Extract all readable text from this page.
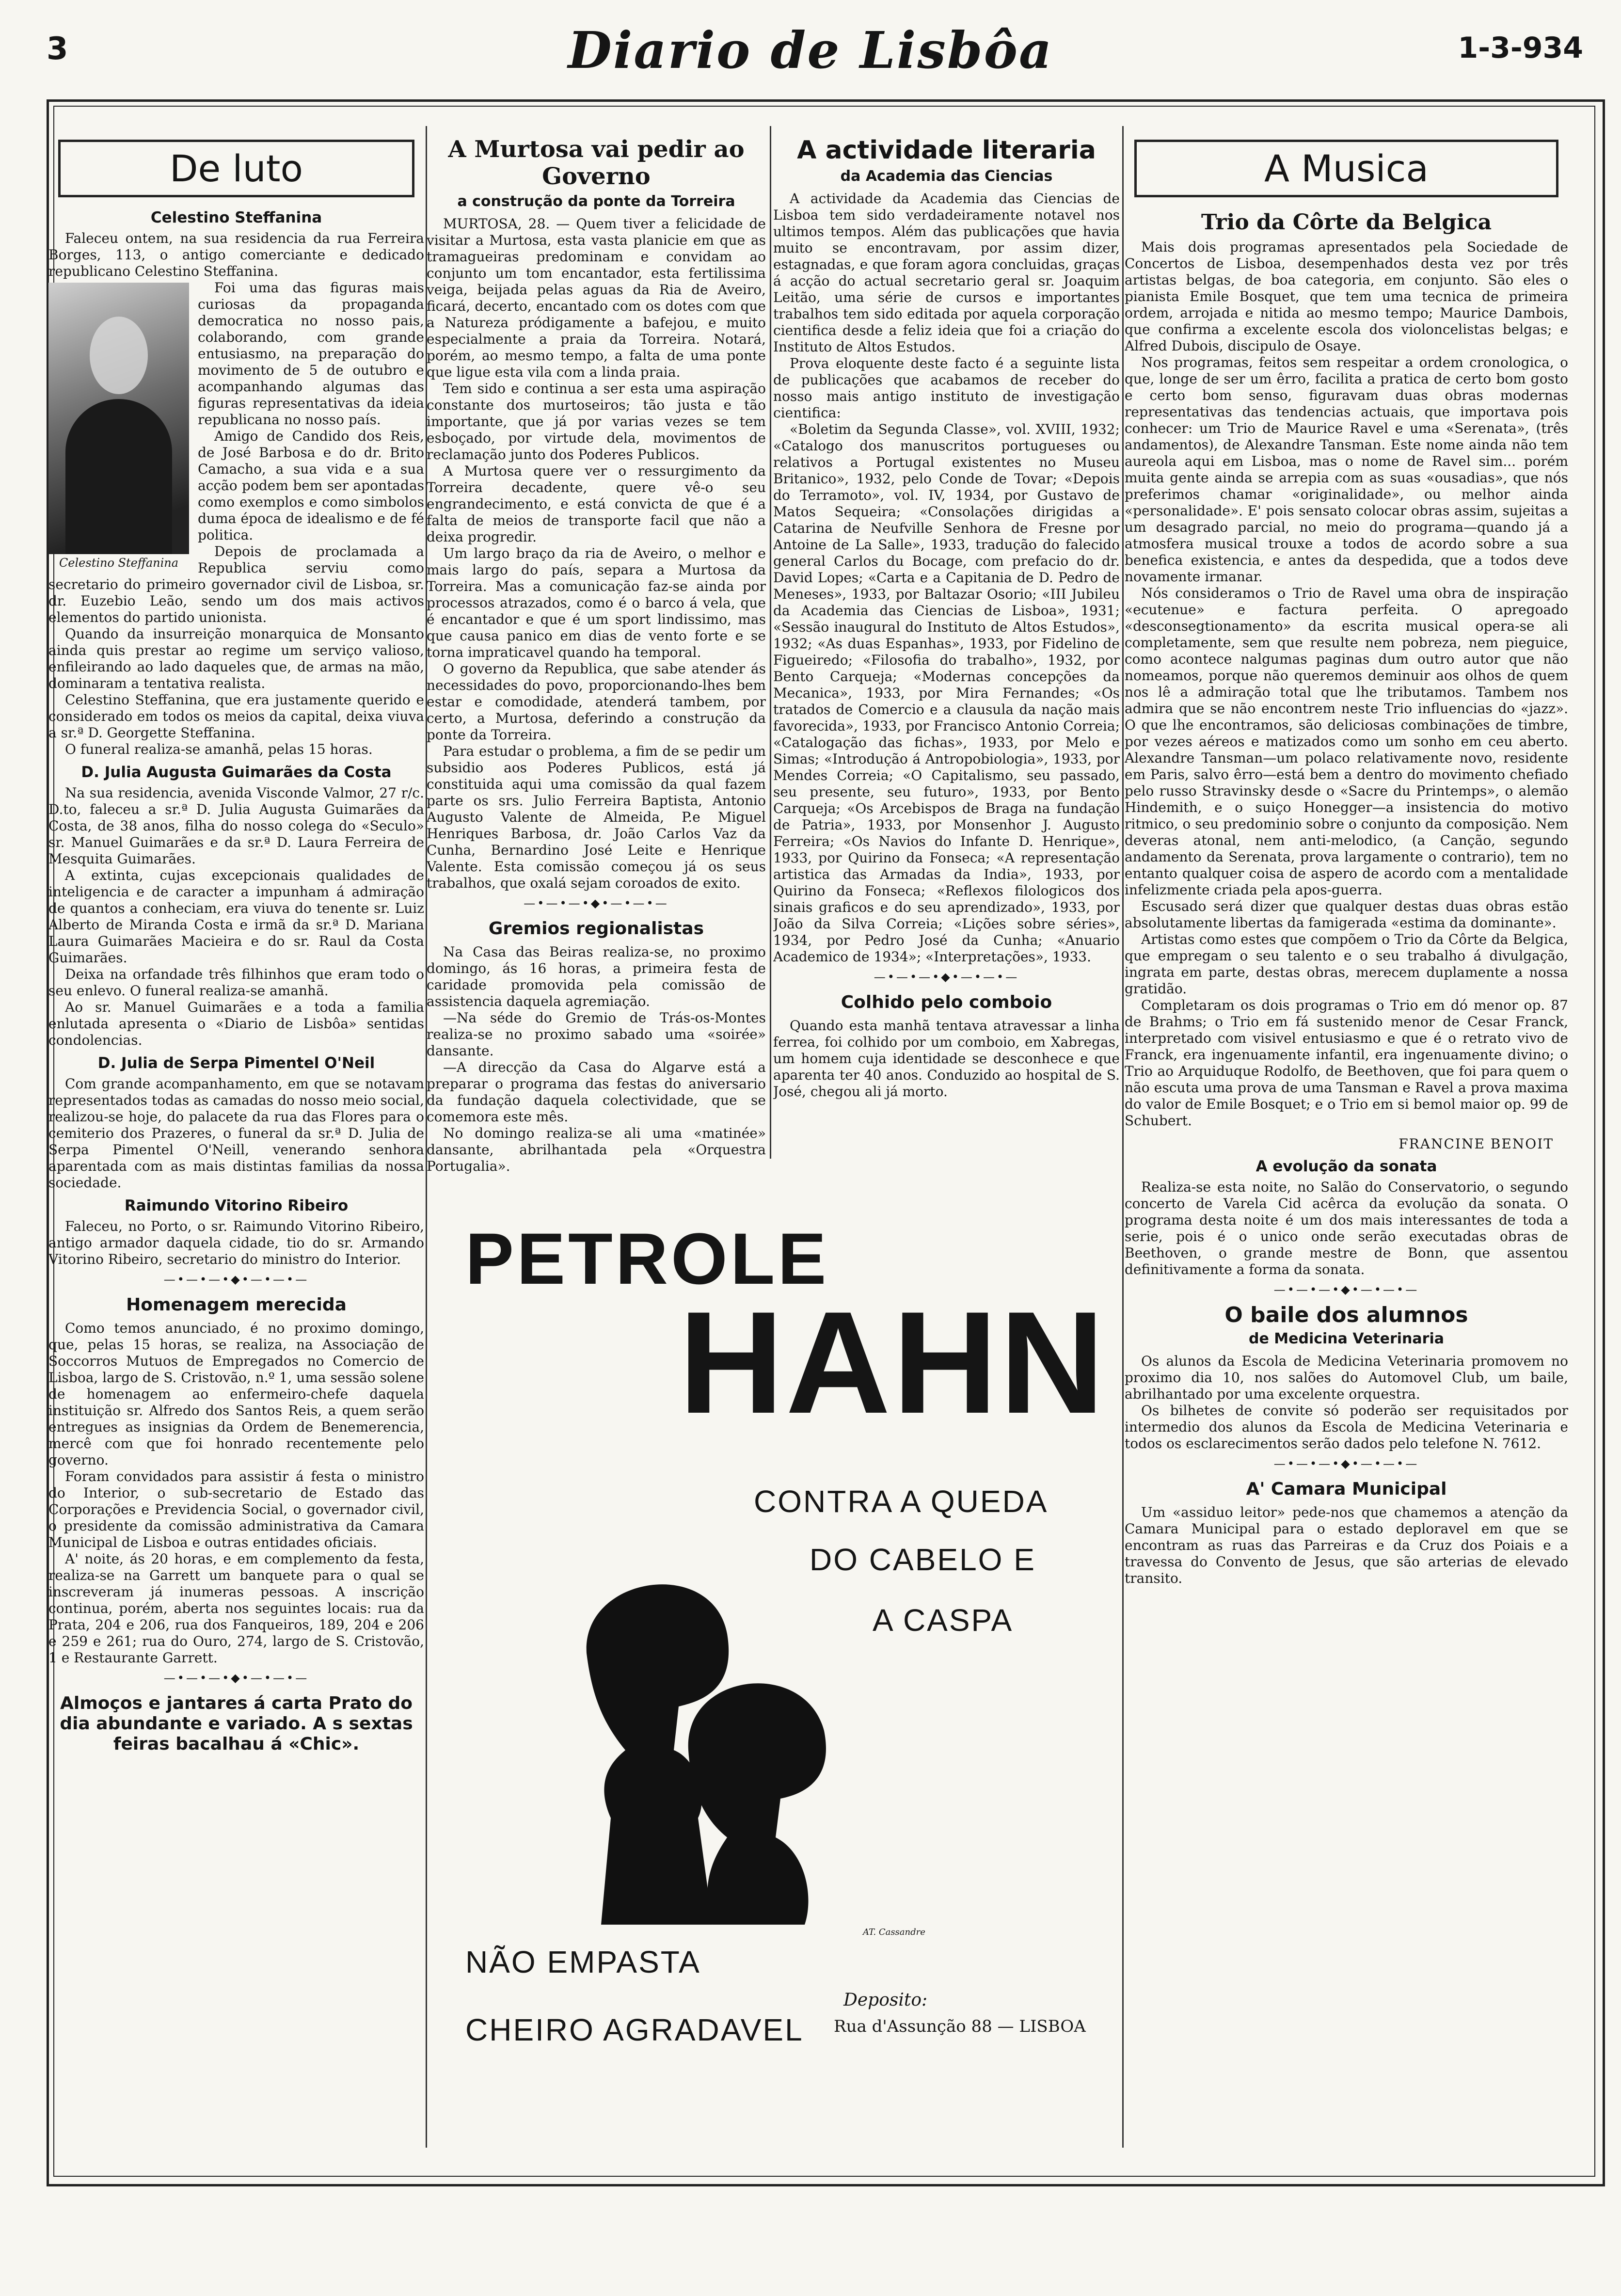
3	Diario de Lisbôa	1-3-934
De luto
Celestino Steffanina

Faleceu ontem, na sua residencia da rua Ferreira Borges, 113, o antigo comerciante e dedicado republicano Celestino Steffanina.

Celestino Steffanina

Foi uma das figuras mais curiosas da propaganda democratica no nosso pais, colaborando, com grande entusiasmo, na preparação do movimento de 5 de outubro e acompanhando algumas das figuras representativas da ideia republicana no nosso país.

Amigo de Candido dos Reis, de José Barbosa e do dr. Brito Camacho, a sua vida e a sua acção podem bem ser apontadas como exemplos e como simbolos duma época de idealismo e de fé politica.

Depois de proclamada a Republica serviu como secretario do primeiro governador civil de Lisboa, sr. dr. Euzebio Leão, sendo um dos mais activos elementos do partido unionista.

Quando da insurreição monarquica de Monsanto ainda quis prestar ao regime um serviço valioso, enfileirando ao lado daqueles que, de armas na mão, dominaram a tentativa realista.

Celestino Steffanina, que era justamente querido e considerado em todos os meios da capital, deixa viuva a sr.ª D. Georgette Steffanina.

O funeral realiza-se amanhã, pelas 15 horas.

D. Julia Augusta Guimarães da Costa

Na sua residencia, avenida Visconde Valmor, 27 r/c. D.to, faleceu a sr.ª D. Julia Augusta Guimarães da Costa, de 38 anos, filha do nosso colega do «Seculo» sr. Manuel Guimarães e da sr.ª D. Laura Ferreira de Mesquita Guimarães.

A extinta, cujas excepcionais qualidades de inteligencia e de caracter a impunham á admiração de quantos a conheciam, era viuva do tenente sr. Luiz Alberto de Miranda Costa e irmã da sr.ª D. Mariana Laura Guimarães Macieira e do sr. Raul da Costa Guimarães.

Deixa na orfandade três filhinhos que eram todo o seu enlevo. O funeral realiza-se amanhã.

Ao sr. Manuel Guimarães e a toda a familia enlutada apresenta o «Diario de Lisbôa» sentidas condolencias.

D. Julia de Serpa Pimentel O'Neil

Com grande acompanhamento, em que se notavam representados todas as camadas do nosso meio social, realizou-se hoje, do palacete da rua das Flores para o cemiterio dos Prazeres, o funeral da sr.ª D. Julia de Serpa Pimentel O'Neill, venerando senhora aparentada com as mais distintas familias da nossa sociedade.

Raimundo Vitorino Ribeiro

Faleceu, no Porto, o sr. Raimundo Vitorino Ribeiro, antigo armador daquela cidade, tio do sr. Armando Vitorino Ribeiro, secretario do ministro do Interior.

—•—•—•◆•—•—•—
Homenagem merecida

Como temos anunciado, é no proximo domingo, que, pelas 15 horas, se realiza, na Associação de Soccorros Mutuos de Empregados no Comercio de Lisboa, largo de S. Cristovão, n.º 1, uma sessão solene de homenagem ao enfermeiro-chefe daquela instituição sr. Alfredo dos Santos Reis, a quem serão entregues as insignias da Ordem de Benemerencia, mercê com que foi honrado recentemente pelo governo.

Foram convidados para assistir á festa o ministro do Interior, o sub-secretario de Estado das Corporações e Previdencia Social, o governador civil, o presidente da comissão administrativa da Camara Municipal de Lisboa e outras entidades oficiais.

A' noite, ás 20 horas, e em complemento da festa, realiza-se na Garrett um banquete para o qual se inscreveram já inumeras pessoas. A inscrição continua, porém, aberta nos seguintes locais: rua da Prata, 204 e 206, rua dos Fanqueiros, 189, 204 e 206 e 259 e 261; rua do Ouro, 274, largo de S. Cristovão, 1 e Restaurante Garrett.

—•—•—•◆•—•—•—
Almoços e jantares á carta Prato do dia abundante e variado. A s sextas feiras bacalhau á «Chic».
A Murtosa vai pedir ao Governo
a construção da ponte da Torreira

MURTOSA, 28. — Quem tiver a felicidade de visitar a Murtosa, esta vasta planicie em que as tramagueiras predominam e convidam ao conjunto um tom encantador, esta fertilissima veiga, beijada pelas aguas da Ria de Aveiro, ficará, decerto, encantado com os dotes com que a Natureza pródigamente a bafejou, e muito especialmente a praia da Torreira. Notará, porém, ao mesmo tempo, a falta de uma ponte que ligue esta vila com a linda praia.

Tem sido e continua a ser esta uma aspiração constante dos murtoseiros; tão justa e tão importante, que já por varias vezes se tem esboçado, por virtude dela, movimentos de reclamação junto dos Poderes Publicos.

A Murtosa quere ver o ressurgimento da Torreira decadente, quere vê-o seu engrandecimento, e está convicta de que é a falta de meios de transporte facil que não a deixa progredir.

Um largo braço da ria de Aveiro, o melhor e mais largo do país, separa a Murtosa da Torreira. Mas a comunicação faz-se ainda por processos atrazados, como é o barco á vela, que é encantador e que é um sport lindissimo, mas que causa panico em dias de vento forte e se torna impraticavel quando ha temporal.

O governo da Republica, que sabe atender ás necessidades do povo, proporcionando-lhes bem estar e comodidade, atenderá tambem, por certo, a Murtosa, deferindo a construção da ponte da Torreira.

Para estudar o problema, a fim de se pedir um subsidio aos Poderes Publicos, está já constituida aqui uma comissão da qual fazem parte os srs. Julio Ferreira Baptista, Antonio Augusto Valente de Almeida, P.e Miguel Henriques Barbosa, dr. João Carlos Vaz da Cunha, Bernardino José Leite e Henrique Valente. Esta comissão começou já os seus trabalhos, que oxalá sejam coroados de exito.

—•—•—•◆•—•—•—
Gremios regionalistas

Na Casa das Beiras realiza-se, no proximo domingo, ás 16 horas, a primeira festa de caridade promovida pela comissão de assistencia daquela agremiação.

—Na séde do Gremio de Trás-os-Montes realiza-se no proximo sabado uma «soirée» dansante.

—A direcção da Casa do Algarve está a preparar o programa das festas do aniversario da fundação daquela colectividade, que se comemora este mês.

No domingo realiza-se ali uma «matinée» dansante, abrilhantada pela «Orquestra Portugalia».

A actividade literaria
da Academia das Ciencias

A actividade da Academia das Ciencias de Lisboa tem sido verdadeiramente notavel nos ultimos tempos. Além das publicações que havia muito se encontravam, por assim dizer, estagnadas, e que foram agora concluidas, graças á acção do actual secretario geral sr. Joaquim Leitão, uma série de cursos e importantes trabalhos tem sido editada por aquela corporação cientifica desde a feliz ideia que foi a criação do Instituto de Altos Estudos.

Prova eloquente deste facto é a seguinte lista de publicações que acabamos de receber do nosso mais antigo instituto de investigação cientifica:

«Boletim da Segunda Classe», vol. XVIII, 1932; «Catalogo dos manuscritos portugueses ou relativos a Portugal existentes no Museu Britanico», 1932, pelo Conde de Tovar; «Depois do Terramoto», vol. IV, 1934, por Gustavo de Matos Sequeira; «Consolações dirigidas a Catarina de Neufville Senhora de Fresne por Antoine de La Salle», 1933, tradução do falecido general Carlos du Bocage, com prefacio do dr. David Lopes; «Carta e a Capitania de D. Pedro de Meneses», 1933, por Baltazar Osorio; «III Jubileu da Academia das Ciencias de Lisboa», 1931; «Sessão inaugural do Instituto de Altos Estudos», 1932; «As duas Espanhas», 1933, por Fidelino de Figueiredo; «Filosofia do trabalho», 1932, por Bento Carqueja; «Modernas concepções da Mecanica», 1933, por Mira Fernandes; «Os tratados de Comercio e a clausula da nação mais favorecida», 1933, por Francisco Antonio Correia; «Catalogação das fichas», 1933, por Melo e Simas; «Introdução á Antropobiologia», 1933, por Mendes Correia; «O Capitalismo, seu passado, seu presente, seu futuro», 1933, por Bento Carqueja; «Os Arcebispos de Braga na fundação de Patria», 1933, por Monsenhor J. Augusto Ferreira; «Os Navios do Infante D. Henrique», 1933, por Quirino da Fonseca; «A representação artistica das Armadas da India», 1933, por Quirino da Fonseca; «Reflexos filologicos dos sinais graficos e do seu aprendizado», 1933, por João da Silva Correia; «Lições sobre séries», 1934, por Pedro José da Cunha; «Anuario Academico de 1934»; «Interpretações», 1933.

—•—•—•◆•—•—•—
Colhido pelo comboio

Quando esta manhã tentava atravessar a linha ferrea, foi colhido por um comboio, em Xabregas, um homem cuja identidade se desconhece e que aparenta ter 40 anos. Conduzido ao hospital de S. José, chegou ali já morto.

A Musica
Trio da Côrte da Belgica

Mais dois programas apresentados pela Sociedade de Concertos de Lisboa, desempenhados desta vez por três artistas belgas, de boa categoria, em conjunto. São eles o pianista Emile Bosquet, que tem uma tecnica de primeira ordem, arrojada e nitida ao mesmo tempo; Maurice Dambois, que confirma a excelente escola dos violoncelistas belgas; e Alfred Dubois, discipulo de Osaye.

Nos programas, feitos sem respeitar a ordem cronologica, o que, longe de ser um êrro, facilita a pratica de certo bom gosto e certo bom senso, figuravam duas obras modernas representativas das tendencias actuais, que importava pois conhecer: um Trio de Maurice Ravel e uma «Serenata», (três andamentos), de Alexandre Tansman. Este nome ainda não tem aureola aqui em Lisboa, mas o nome de Ravel sim... porém muita gente ainda se arrepia com as suas «ousadias», que nós preferimos chamar «originalidade», ou melhor ainda «personalidade». E' pois sensato colocar obras assim, sujeitas a um desagrado parcial, no meio do programa—quando já a atmosfera musical trouxe a todos de acordo sobre a sua benefica existencia, e antes da despedida, que a todos deve novamente irmanar.

Nós consideramos o Trio de Ravel uma obra de inspiração «ecutenue» e factura perfeita. O apregoado «desconsegtionamento» da escrita musical opera-se ali completamente, sem que resulte nem pobreza, nem pieguice, como acontece nalgumas paginas dum outro autor que não nomeamos, porque não queremos deminuir aos olhos de quem nos lê a admiração total que lhe tributamos. Tambem nos admira que se não encontrem neste Trio influencias do «jazz». O que lhe encontramos, são deliciosas combinações de timbre, por vezes aéreos e matizados como um sonho em ceu aberto. Alexandre Tansman—um polaco relativamente novo, residente em Paris, salvo êrro—está bem a dentro do movimento chefiado pelo russo Stravinsky desde o «Sacre du Printemps», o alemão Hindemith, e o suiço Honegger—a insistencia do motivo ritmico, o seu predominio sobre o conjunto da composição. Nem deveras atonal, nem anti-melodico, (a Canção, segundo andamento da Serenata, prova largamente o contrario), tem no entanto qualquer coisa de aspero de acordo com a mentalidade infelizmente criada pela apos-guerra.

Escusado será dizer que qualquer destas duas obras estão absolutamente libertas da famigerada «estima da dominante».

Artistas como estes que compõem o Trio da Côrte da Belgica, que empregam o seu talento e o seu trabalho á divulgação, ingrata em parte, destas obras, merecem duplamente a nossa gratidão.

Completaram os dois programas o Trio em dó menor op. 87 de Brahms; o Trio em fá sustenido menor de Cesar Franck, interpretado com visivel entusiasmo e que é o retrato vivo de Franck, era ingenuamente infantil, era ingenuamente divino; o Trio ao Arquiduque Rodolfo, de Beethoven, que foi para quem o não escuta uma prova de uma Tansman e Ravel a prova maxima do valor de Emile Bosquet; e o Trio em si bemol maior op. 99 de Schubert.

FRANCINE BENOIT
A evolução da sonata

Realiza-se esta noite, no Salão do Conservatorio, o segundo concerto de Varela Cid acêrca da evolução da sonata. O programa desta noite é um dos mais interessantes de toda a serie, pois é o unico onde serão executadas obras de Beethoven, o grande mestre de Bonn, que assentou definitivamente a forma da sonata.

—•—•—•◆•—•—•—
O baile dos alumnos
de Medicina Veterinaria

Os alunos da Escola de Medicina Veterinaria promovem no proximo dia 10, nos salões do Automovel Club, um baile, abrilhantado por uma excelente orquestra.

Os bilhetes de convite só poderão ser requisitados por intermedio dos alunos da Escola de Medicina Veterinaria e todos os esclarecimentos serão dados pelo telefone N. 7612.

—•—•—•◆•—•—•—
A' Camara Municipal

Um «assiduo leitor» pede-nos que chamemos a atenção da Camara Municipal para o estado deploravel em que se encontram as ruas das Parreiras e da Cruz dos Poiais e a travessa do Convento de Jesus, que são arterias de elevado transito.

PETROLE
HAHN
CONTRA A QUEDA
DO CABELO E
A CASPA
AT. Cassandre
NÃO EMPASTA
CHEIRO AGRADAVEL
Deposito:
Rua d'Assunção 88 — LISBOA
